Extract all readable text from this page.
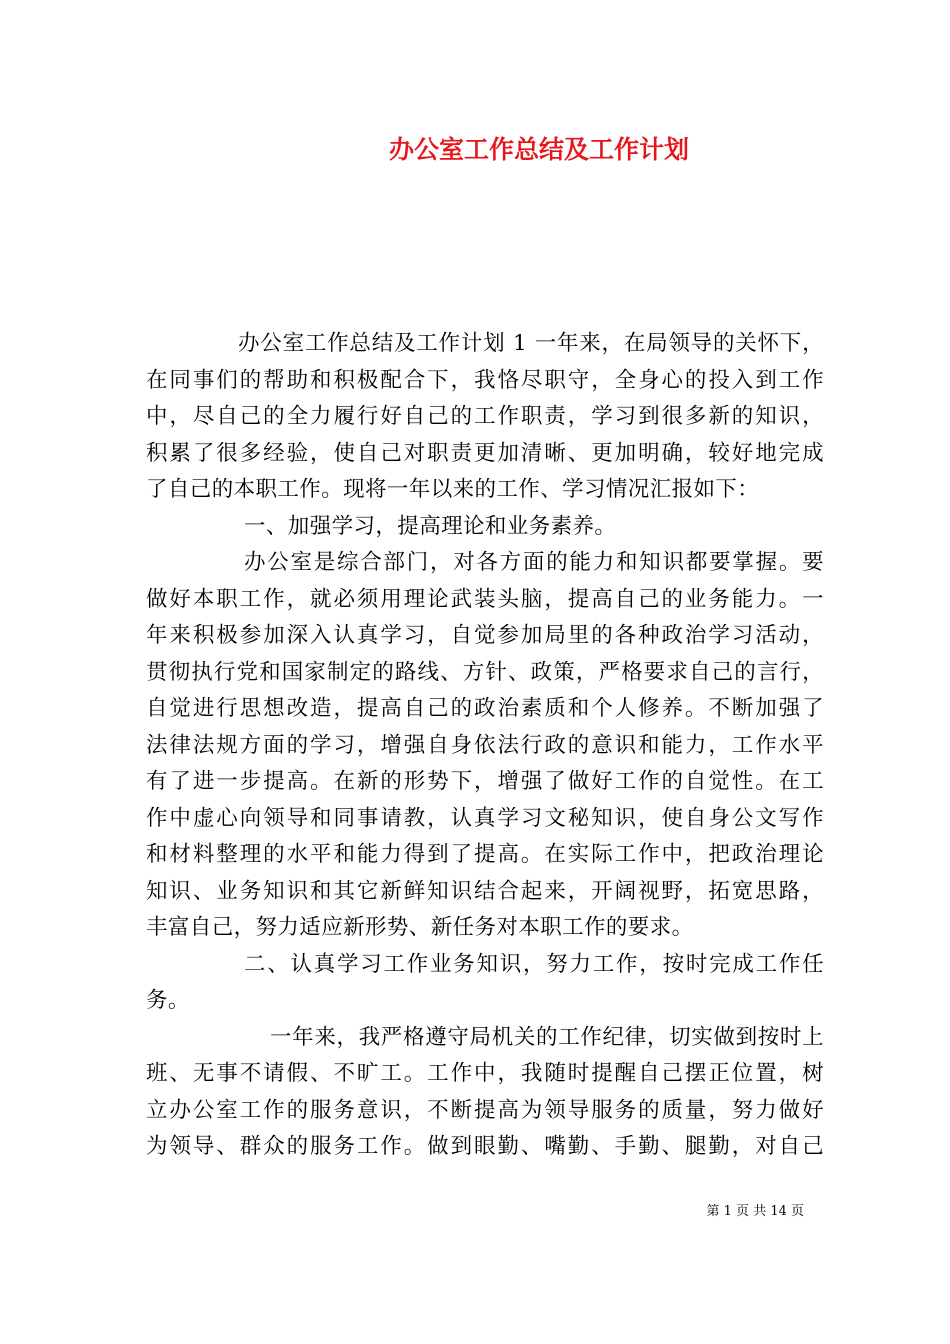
办公室工作总结及工作计划
办公室工作总结及工作计划 1 一年来，在局领导的关怀下，
在同事们的帮助和积极配合下，我恪尽职守，全身心的投入到工作
中，尽自己的全力履行好自己的工作职责，学习到很多新的知识，
积累了很多经验，使自己对职责更加清晰、更加明确，较好地完成
了自己的本职工作。现将一年以来的工作、学习情况汇报如下：
一、加强学习，提高理论和业务素养。
办公室是综合部门，对各方面的能力和知识都要掌握。要
做好本职工作，就必须用理论武装头脑，提高自己的业务能力。一
年来积极参加深入认真学习，自觉参加局里的各种政治学习活动，
贯彻执行党和国家制定的路线、方针、政策，严格要求自己的言行，
自觉进行思想改造，提高自己的政治素质和个人修养。不断加强了
法律法规方面的学习，增强自身依法行政的意识和能力，工作水平
有了进一步提高。在新的形势下，增强了做好工作的自觉性。在工
作中虚心向领导和同事请教，认真学习文秘知识，使自身公文写作
和材料整理的水平和能力得到了提高。在实际工作中，把政治理论
知识、业务知识和其它新鲜知识结合起来，开阔视野，拓宽思路，
丰富自己，努力适应新形势、新任务对本职工作的要求。
二、认真学习工作业务知识，努力工作，按时完成工作任
务。
一年来，我严格遵守局机关的工作纪律，切实做到按时上
班、无事不请假、不旷工。工作中，我随时提醒自己摆正位置，树
立办公室工作的服务意识，不断提高为领导服务的质量，努力做好
为领导、群众的服务工作。做到眼勤、嘴勤、手勤、腿勤，对自己
第 1 页 共 14 页
